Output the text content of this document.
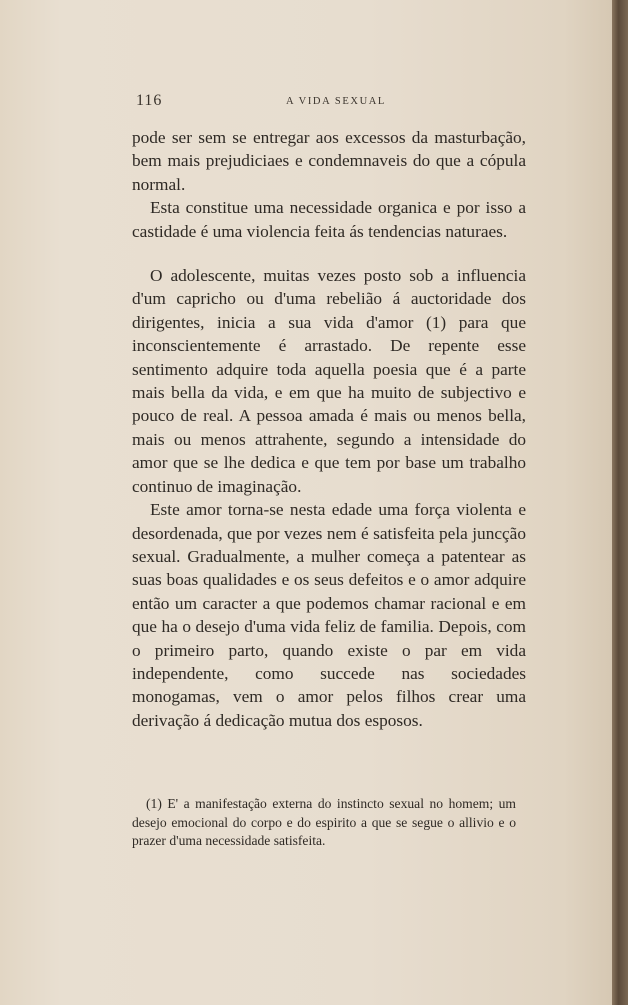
116	A VIDA SEXUAL

pode ser sem se entregar aos excessos da masturbação, bem mais prejudiciaes e condemnaveis do que a cópula normal.

Esta constitue uma necessidade organica e por isso a castidade é uma violencia feita ás tendencias naturaes.

O adolescente, muitas vezes posto sob a influencia d'um capricho ou d'uma rebelião á auctoridade dos dirigentes, inicia a sua vida d'amor (1) para que inconscientemente é arrastado. De repente esse sentimento adquire toda aquella poesia que é a parte mais bella da vida, e em que ha muito de subjectivo e pouco de real. A pessoa amada é mais ou menos bella, mais ou menos attrahente, segundo a intensidade do amor que se lhe dedica e que tem por base um trabalho continuo de imaginação.

Este amor torna-se nesta edade uma força violenta e desordenada, que por vezes nem é satisfeita pela juncção sexual. Gradualmente, a mulher começa a patentear as suas boas qualidades e os seus defeitos e o amor adquire então um caracter a que podemos chamar racional e em que ha o desejo d'uma vida feliz de familia. Depois, com o primeiro parto, quando existe o par em vida independente, como succede nas sociedades monogamas, vem o amor pelos filhos crear uma derivação á dedicação mutua dos esposos.

(1) E' a manifestação externa do instincto sexual no homem; um desejo emocional do corpo e do espirito a que se segue o allivio e o prazer d'uma necessidade satisfeita.
